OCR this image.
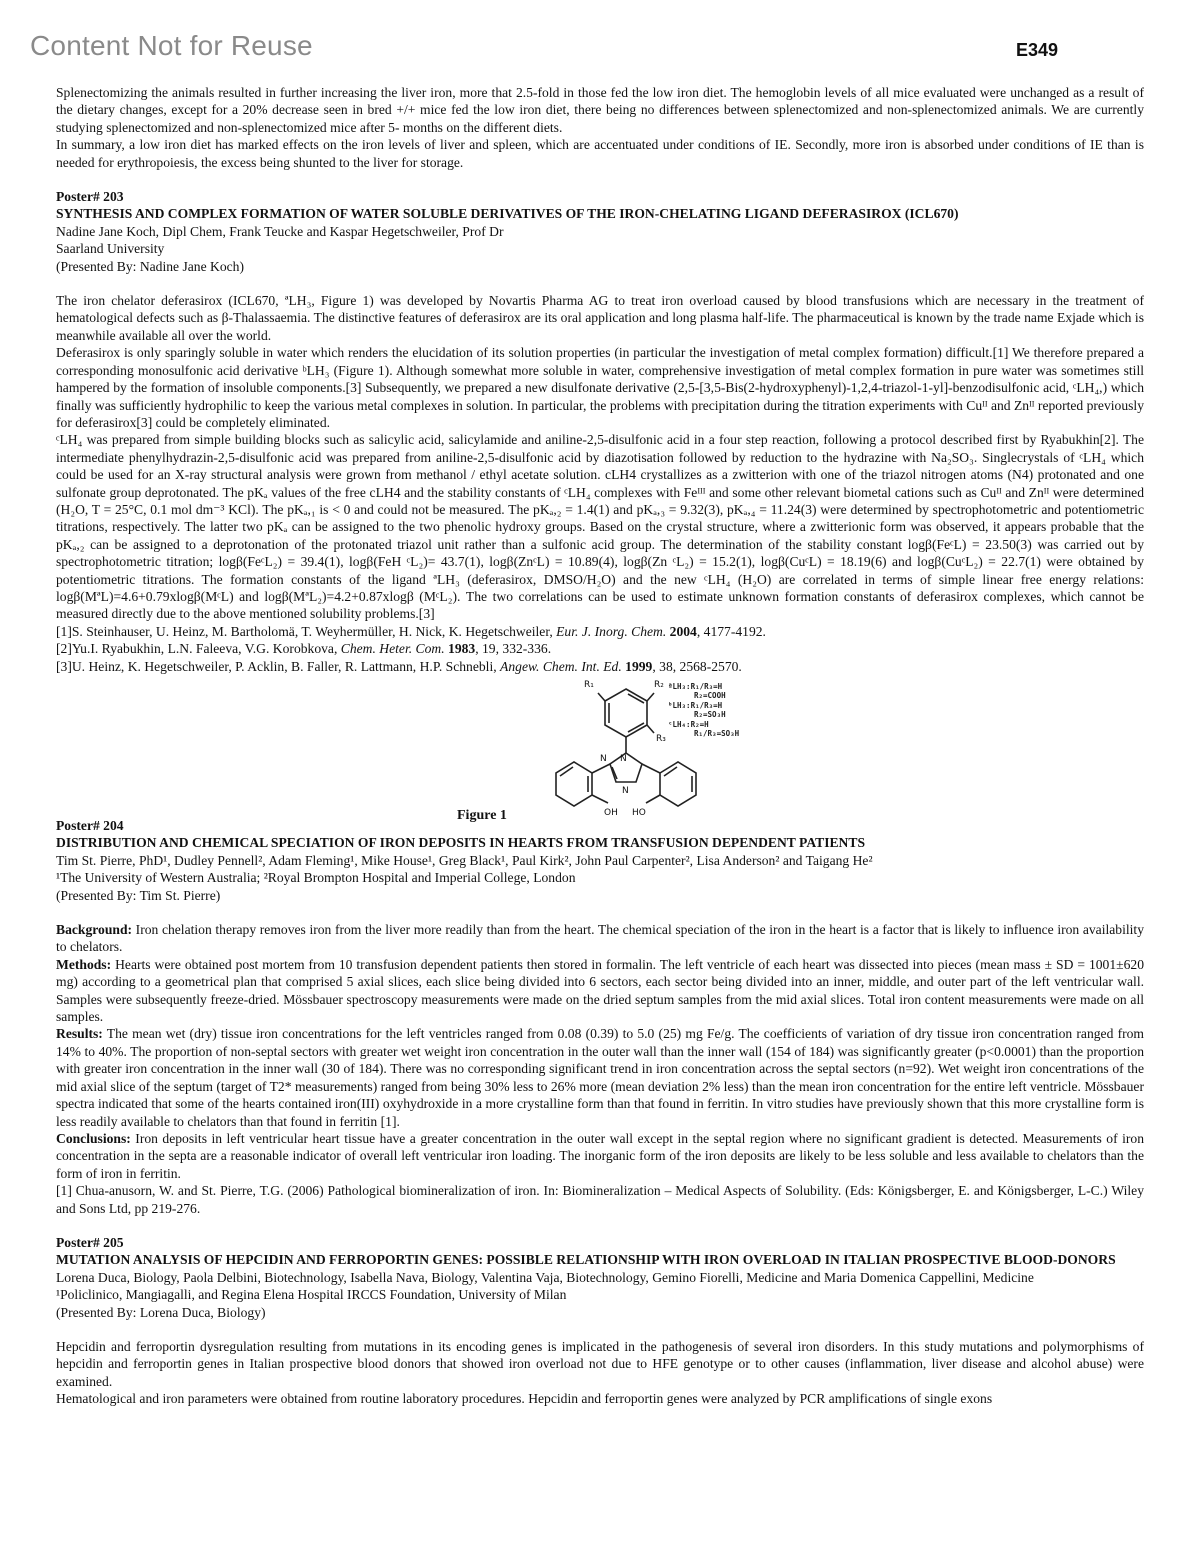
Content Not for Reuse	E349

Splenectomizing the animals resulted in further increasing the liver iron, more that 2.5-fold in those fed the low iron diet. The hemoglobin levels of all mice evaluated were unchanged as a result of the dietary changes, except for a 20% decrease seen in bred +/+ mice fed the low iron diet, there being no differences between splenectomized and non-splenectomized animals. We are currently studying splenectomized and non-splenectomized mice after 5- months on the different diets.

In summary, a low iron diet has marked effects on the iron levels of liver and spleen, which are accentuated under conditions of IE. Secondly, more iron is absorbed under conditions of IE than is needed for erythropoiesis, the excess being shunted to the liver for storage.

Poster# 203

SYNTHESIS AND COMPLEX FORMATION OF WATER SOLUBLE DERIVATIVES OF THE IRON-CHELATING LIGAND DEFERASIROX (ICL670)

Nadine Jane Koch, Dipl Chem, Frank Teucke and Kaspar Hegetschweiler, Prof Dr

Saarland University

(Presented By: Nadine Jane Koch)

The iron chelator deferasirox (ICL670, ªLH₃, Figure 1) was developed by Novartis Pharma AG to treat iron overload caused by blood transfusions which are necessary in the treatment of hematological defects such as β-Thalassaemia. The distinctive features of deferasirox are its oral application and long plasma half-life. The pharmaceutical is known by the trade name Exjade which is meanwhile available all over the world.

Deferasirox is only sparingly soluble in water which renders the elucidation of its solution properties (in particular the investigation of metal complex formation) difficult.[1] We therefore prepared a corresponding monosulfonic acid derivative ᵇLH₃ (Figure 1). Although somewhat more soluble in water, comprehensive investigation of metal complex formation in pure water was sometimes still hampered by the formation of insoluble components.[3] Subsequently, we prepared a new disulfonate derivative (2,5-[3,5-Bis(2-hydroxyphenyl)-1,2,4-triazol-1-yl]-benzodisulfonic acid, ᶜLH₄,) which finally was sufficiently hydrophilic to keep the various metal complexes in solution. In particular, the problems with precipitation during the titration experiments with Cuᴵᴵ and Znᴵᴵ reported previously for deferasirox[3] could be completely eliminated.

ᶜLH₄ was prepared from simple building blocks such as salicylic acid, salicylamide and aniline-2,5-disulfonic acid in a four step reaction, following a protocol described first by Ryabukhin[2]. The intermediate phenylhydrazin-2,5-disulfonic acid was prepared from aniline-2,5-disulfonic acid by diazotisation followed by reduction to the hydrazine with Na₂SO₃. Singlecrystals of ᶜLH₄ which could be used for an X-ray structural analysis were grown from methanol / ethyl acetate solution. cLH4 crystallizes as a zwitterion with one of the triazol nitrogen atoms (N4) protonated and one sulfonate group deprotonated. The pKₐ values of the free cLH4 and the stability constants of ᶜLH₄ complexes with Feᴵᴵᴵ and some other relevant biometal cations such as Cuᴵᴵ and Znᴵᴵ were determined (H₂O, T = 25°C, 0.1 mol dm⁻³ KCl). The pKₐ,₁ is < 0 and could not be measured. The pKₐ,₂ = 1.4(1) and pKₐ,₃ = 9.32(3), pKₐ,₄ = 11.24(3) were determined by spectrophotometric and potentiometric titrations, respectively. The latter two pKₐ can be assigned to the two phenolic hydroxy groups. Based on the crystal structure, where a zwitterionic form was observed, it appears probable that the pKₐ,₂ can be assigned to a deprotonation of the protonated triazol unit rather than a sulfonic acid group. The determination of the stability constant logβ(FeᶜL) = 23.50(3) was carried out by spectrophotometric titration; logβ(FeᶜL₂) = 39.4(1), logβ(FeH ᶜL₂)= 43.7(1), logβ(ZnᶜL) = 10.89(4), logβ(Zn ᶜL₂) = 15.2(1), logβ(CuᶜL) = 18.19(6) and logβ(CuᶜL₂) = 22.7(1) were obtained by potentiometric titrations. The formation constants of the ligand ªLH₃ (deferasirox, DMSO/H₂O) and the new ᶜLH₄ (H₂O) are correlated in terms of simple linear free energy relations: logβ(MªL)=4.6+0.79xlogβ(MᶜL) and logβ(MªL₂)=4.2+0.87xlogβ (MᶜL₂). The two correlations can be used to estimate unknown formation constants of deferasirox complexes, which cannot be measured directly due to the above mentioned solubility problems.[3]

[1]S. Steinhauser, U. Heinz, M. Bartholomä, T. Weyhermüller, H. Nick, K. Hegetschweiler, Eur. J. Inorg. Chem. 2004, 4177-4192.

[2]Yu.I. Ryabukhin, L.N. Faleeva, V.G. Korobkova, Chem. Heter. Com. 1983, 19, 332-336.

[3]U. Heinz, K. Hegetschweiler, P. Acklin, B. Faller, R. Lattmann, H.P. Schnebli, Angew. Chem. Int. Ed. 1999, 38, 2568-2570.

R₁	R₂
R₃
N N
N
OH HO
ªLH₃:R₁/R₃=H
R₂=COOH
ᵇLH₃:R₁/R₃=H
R₂=SO₃H
ᶜLH₄:R₂=H
R₁/R₃=SO₃H
Figure 1

Poster# 204

DISTRIBUTION AND CHEMICAL SPECIATION OF IRON DEPOSITS IN HEARTS FROM TRANSFUSION DEPENDENT PATIENTS

Tim St. Pierre, PhD¹, Dudley Pennell², Adam Fleming¹, Mike House¹, Greg Black¹, Paul Kirk², John Paul Carpenter², Lisa Anderson² and Taigang He²

¹The University of Western Australia; ²Royal Brompton Hospital and Imperial College, London

(Presented By: Tim St. Pierre)

Background: Iron chelation therapy removes iron from the liver more readily than from the heart. The chemical speciation of the iron in the heart is a factor that is likely to influence iron availability to chelators.

Methods: Hearts were obtained post mortem from 10 transfusion dependent patients then stored in formalin. The left ventricle of each heart was dissected into pieces (mean mass ± SD = 1001±620 mg) according to a geometrical plan that comprised 5 axial slices, each slice being divided into 6 sectors, each sector being divided into an inner, middle, and outer part of the left ventricular wall. Samples were subsequently freeze-dried. Mössbauer spectroscopy measurements were made on the dried septum samples from the mid axial slices. Total iron content measurements were made on all samples.

Results: The mean wet (dry) tissue iron concentrations for the left ventricles ranged from 0.08 (0.39) to 5.0 (25) mg Fe/g. The coefficients of variation of dry tissue iron concentration ranged from 14% to 40%. The proportion of non-septal sectors with greater wet weight iron concentration in the outer wall than the inner wall (154 of 184) was significantly greater (p<0.0001) than the proportion with greater iron concentration in the inner wall (30 of 184). There was no corresponding significant trend in iron concentration across the septal sectors (n=92). Wet weight iron concentrations of the mid axial slice of the septum (target of T2* measurements) ranged from being 30% less to 26% more (mean deviation 2% less) than the mean iron concentration for the entire left ventricle. Mössbauer spectra indicated that some of the hearts contained iron(III) oxyhydroxide in a more crystalline form than that found in ferritin. In vitro studies have previously shown that this more crystalline form is less readily available to chelators than that found in ferritin [1].

Conclusions: Iron deposits in left ventricular heart tissue have a greater concentration in the outer wall except in the septal region where no significant gradient is detected. Measurements of iron concentration in the septa are a reasonable indicator of overall left ventricular iron loading. The inorganic form of the iron deposits are likely to be less soluble and less available to chelators than the form of iron in ferritin.

[1] Chua-anusorn, W. and St. Pierre, T.G. (2006) Pathological biomineralization of iron. In: Biomineralization – Medical Aspects of Solubility. (Eds: Königsberger, E. and Königsberger, L-C.) Wiley and Sons Ltd, pp 219-276.

Poster# 205

MUTATION ANALYSIS OF HEPCIDIN AND FERROPORTIN GENES: POSSIBLE RELATIONSHIP WITH IRON OVERLOAD IN ITALIAN PROSPECTIVE BLOOD-DONORS

Lorena Duca, Biology, Paola Delbini, Biotechnology, Isabella Nava, Biology, Valentina Vaja, Biotechnology, Gemino Fiorelli, Medicine and Maria Domenica Cappellini, Medicine

¹Policlinico, Mangiagalli, and Regina Elena Hospital IRCCS Foundation, University of Milan

(Presented By: Lorena Duca, Biology)

Hepcidin and ferroportin dysregulation resulting from mutations in its encoding genes is implicated in the pathogenesis of several iron disorders. In this study mutations and polymorphisms of hepcidin and ferroportin genes in Italian prospective blood donors that showed iron overload not due to HFE genotype or to other causes (inflammation, liver disease and alcohol abuse) were examined.

Hematological and iron parameters were obtained from routine laboratory procedures. Hepcidin and ferroportin genes were analyzed by PCR amplifications of single exons
